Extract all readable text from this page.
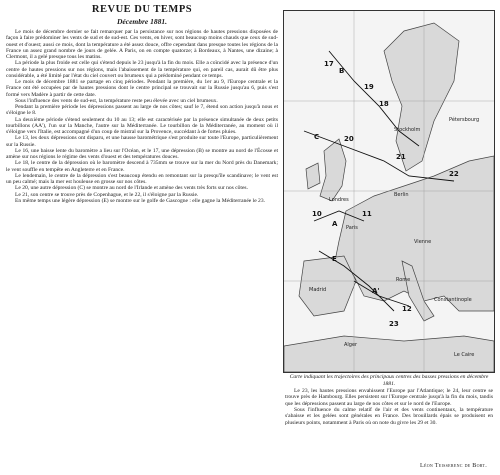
REVUE DU TEMPS
Décembre 1881.

Le mois de décembre dernier se fait remarquer par la persistance sur nos régions de hautes pressions disposées de façon à faire prédominer les vents de sud et de sud-est. Ces vents, en hiver, sont beaucoup moins chauds que ceux de sud-ouest et d'ouest; aussi ce mois, dont la température a été assez douce, offre cependant dans presque toutes les régions de la France un assez grand nombre de jours de gelée. A Paris, on en compte quatorze; à Bordeaux, à Nantes, une dizaine; à Clermont, il a gelé presque tous les matins.

La période la plus froide est celle qui s'étend depuis le 23 jusqu'à la fin du mois. Elle a coïncidé avec la présence d'un centre de hautes pressions sur nos régions, mais l'abaissement de la température qui, en pareil cas, aurait dû être plus considérable, a été limité par l'état du ciel couvert ou brumeux qui a prédominé pendant ce temps.

Le mois de décembre 1881 se partage en cinq périodes. Pendant la première, du 1er au 9, l'Europe centrale et la France ont été occupées par de hautes pressions dont le centre principal se trouvait sur la Russie jusqu'au 6, puis s'est formé vers Madère à partir de cette date.

Sous l'influence des vents de sud-est, la température reste peu élevée avec un ciel brumeux.

Pendant la première période les dépressions passent au large de nos côtes; sauf le 7, étend son action jusqu'à nous et s'éloigne le 8.

La deuxième période s'étend seulement du 10 au 13; elle est caractérisée par la présence simultanée de deux petits tourbillons (AA'), l'un sur la Manche, l'autre sur la Méditerranée. Le tourbillon de la Méditerranée, au moment où il s'éloigne vers l'Italie, est accompagné d'un coup de mistral sur la Provence, succédant à de fortes pluies.

Le 13, les deux dépressions ont disparu, et une hausse barométrique s'est produite sur toute l'Europe, particulièrement sur la Russie.

Le 16, une baisse lente du baromètre a lieu sur l'Océan, et le 17, une dépression (B) se montre au nord de l'Écosse et amène sur nos régions le régime des vents d'ouest et des températures douces.

Le 18, le centre de la dépression où le baromètre descend à 735mm se trouve sur la mer du Nord près du Danemark; le vent souffle en tempête en Angleterre et en France.

Le lendemain, le centre de la dépression s'est beaucoup étendu en remontant sur la presqu'île scandinave; le vent est un peu calmé; mais la mer est houleuse en grosse sur nos côtes.

Le 20, une autre dépression (C) se montre au nord de l'Irlande et amène des vents très forts sur nos côtes.

Le 21, son centre se trouve près de Copenhague, et le 22, il s'éloigne par la Russie.

En même temps une légère dépression (E) se montre sur le golfe de Gascogne : elle gagne la Méditerranée le 23.

Stockholm
Pétersbourg
Londres
Paris
Berlin
Vienne
Constantinople
Madrid
Rome
Alger
Le Caire
19
18
20
21
22
17
10	11
12
23
A
A'
B
C
E
Carte indiquant les trajectoires des principaux centres des basses pressions en décembre 1881.

Le 23, les hautes pressions envahissent l'Europe par l'Atlantique; le 24, leur centre se trouve près de Hambourg. Elles persistent sur l'Europe centrale jusqu'à la fin du mois, tandis que les dépressions passent au large de nos côtes et sur le nord de l'Europe.

Sous l'influence du calme relatif de l'air et des vents continentaux, la température s'abaisse et les gelées sont générales en France. Des brouillards épais se produisent en plusieurs points, notamment à Paris où on note du givre les 29 et 30.

Léon Teisserenc de Bort.
